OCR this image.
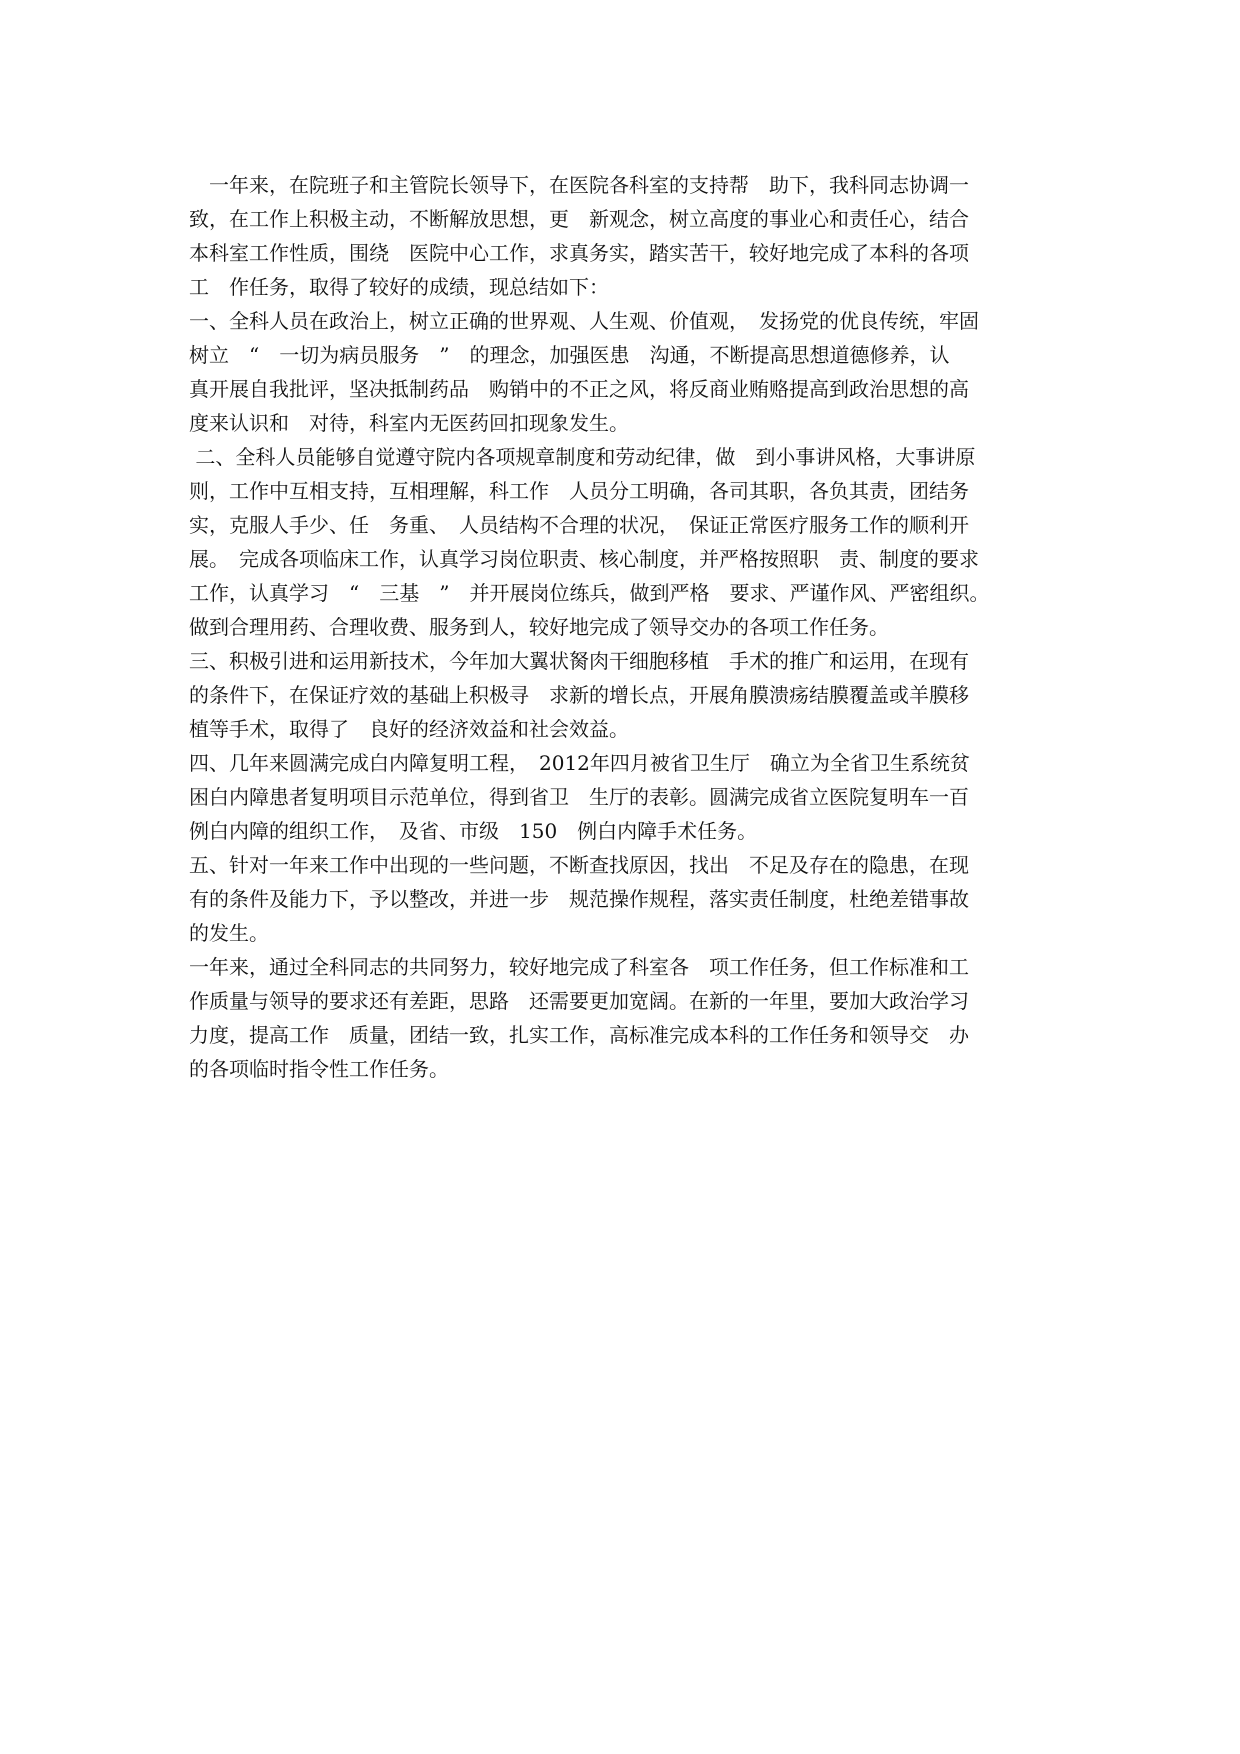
　一年来，在院班子和主管院长领导下，在医院各科室的支持帮　助下，我科同志协调一
致，在工作上积极主动，不断解放思想，更　新观念，树立高度的事业心和责任心，结合
本科室工作性质，围绕　医院中心工作，求真务实，踏实苦干，较好地完成了本科的各项
工　作任务，取得了较好的成绩，现总结如下：
一、全科人员在政治上，树立正确的世界观、人生观、价值观，　发扬党的优良传统，牢固
树立　“　一切为病员服务　”　的理念，加强医患　沟通，不断提高思想道德修养，认
真开展自我批评，坚决抵制药品　购销中的不正之风，将反商业贿赂提高到政治思想的高
度来认识和　对待，科室内无医药回扣现象发生。
二、全科人员能够自觉遵守院内各项规章制度和劳动纪律，做　到小事讲风格，大事讲原
则，工作中互相支持，互相理解，科工作　人员分工明确，各司其职，各负其责，团结务
实，克服人手少、任　务重、　人员结构不合理的状况，　保证正常医疗服务工作的顺利开
展。　完成各项临床工作，认真学习岗位职责、核心制度，并严格按照职　责、制度的要求
工作，认真学习　“　三基　”　并开展岗位练兵，做到严格　要求、严谨作风、严密组织。
做到合理用药、合理收费、服务到人，较好地完成了领导交办的各项工作任务。
三、积极引进和运用新技术，今年加大翼状胬肉干细胞移植　手术的推广和运用，在现有
的条件下，在保证疗效的基础上积极寻　求新的增长点，开展角膜溃疡结膜覆盖或羊膜移
植等手术，取得了　良好的经济效益和社会效益。
四、几年来圆满完成白内障复明工程，　2012年四月被省卫生厅　确立为全省卫生系统贫
困白内障患者复明项目示范单位，得到省卫　生厅的表彰。圆满完成省立医院复明车一百
例白内障的组织工作，　及省、市级　150　例白内障手术任务。
五、针对一年来工作中出现的一些问题，不断查找原因，找出　不足及存在的隐患，在现
有的条件及能力下，予以整改，并进一步　规范操作规程，落实责任制度，杜绝差错事故
的发生。
一年来，通过全科同志的共同努力，较好地完成了科室各　项工作任务，但工作标准和工
作质量与领导的要求还有差距，思路　还需要更加宽阔。在新的一年里，要加大政治学习
力度，提高工作　质量，团结一致，扎实工作，高标准完成本科的工作任务和领导交　办
的各项临时指令性工作任务。
